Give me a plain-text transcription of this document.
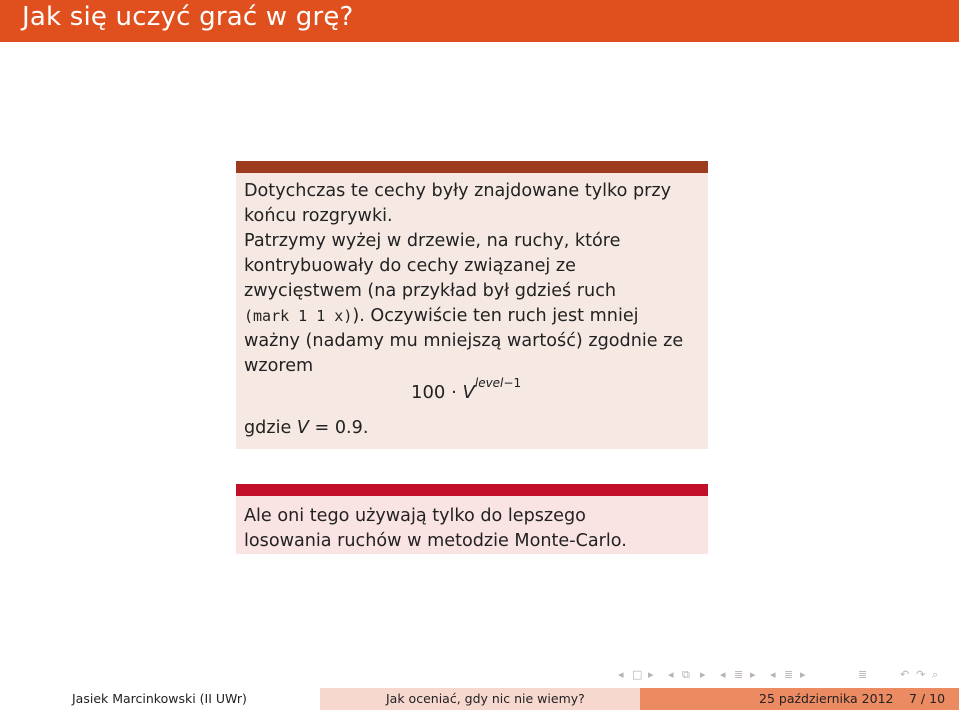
Jak się uczyć grać w grę?
Dotychczas te cechy były znajdowane tylko przy
końcu rozgrywki.
Patrzymy wyżej w drzewie, na ruchy, które
kontrybuowały do cechy związanej ze
zwycięstwem (na przykład był gdzieś ruch
(mark 1 1 x)). Oczywiście ten ruch jest mniej
ważny (nadamy mu mniejszą wartość) zgodnie ze
wzorem
$100 \cdot V^{level-1}$
gdzie V = 0.9.
Ale oni tego używają tylko do lepszego
losowania ruchów w metodzie Monte-Carlo.
◂ □ ▸ ◂ ⧉ ▸ ◂ ≣ ▸ ◂ ≣ ▸	≣	↶ ↷ ⌕
Jasiek Marcinkowski (II UWr)	Jak oceniać, gdy nic nie wiemy?	25 października 2012 7 / 10
